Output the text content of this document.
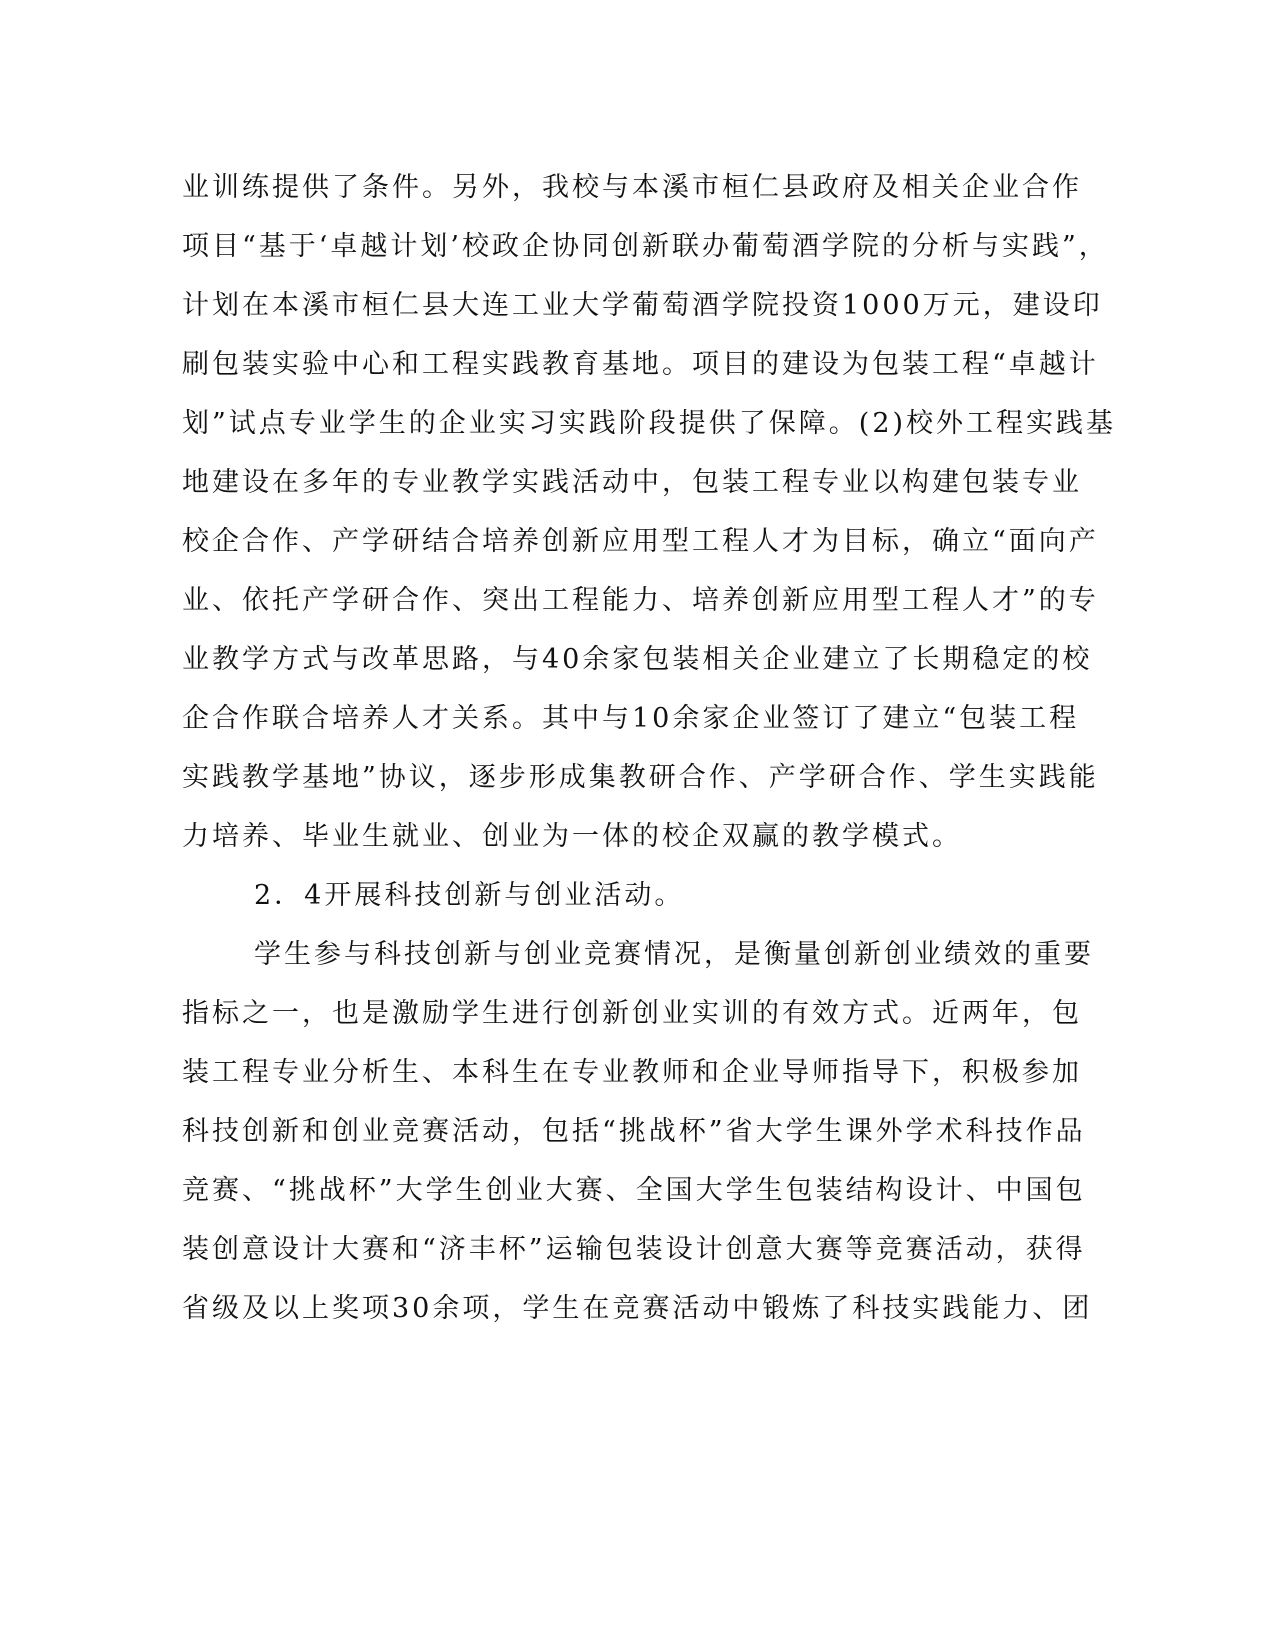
业训练提供了条件。另外，我校与本溪市桓仁县政府及相关企业合作
项目“基于‘卓越计划’校政企协同创新联办葡萄酒学院的分析与实践”，
计划在本溪市桓仁县大连工业大学葡萄酒学院投资1000万元，建设印
刷包装实验中心和工程实践教育基地。项目的建设为包装工程“卓越计
划”试点专业学生的企业实习实践阶段提供了保障。(2)校外工程实践基
地建设在多年的专业教学实践活动中，包装工程专业以构建包装专业
校企合作、产学研结合培养创新应用型工程人才为目标，确立“面向产
业、依托产学研合作、突出工程能力、培养创新应用型工程人才”的专
业教学方式与改革思路，与40余家包装相关企业建立了长期稳定的校
企合作联合培养人才关系。其中与10余家企业签订了建立“包装工程
实践教学基地”协议，逐步形成集教研合作、产学研合作、学生实践能
力培养、毕业生就业、创业为一体的校企双赢的教学模式。
2．4开展科技创新与创业活动。
学生参与科技创新与创业竞赛情况，是衡量创新创业绩效的重要
指标之一，也是激励学生进行创新创业实训的有效方式。近两年，包
装工程专业分析生、本科生在专业教师和企业导师指导下，积极参加
科技创新和创业竞赛活动，包括“挑战杯”省大学生课外学术科技作品
竞赛、“挑战杯”大学生创业大赛、全国大学生包装结构设计、中国包
装创意设计大赛和“济丰杯”运输包装设计创意大赛等竞赛活动，获得
省级及以上奖项30余项，学生在竞赛活动中锻炼了科技实践能力、团
